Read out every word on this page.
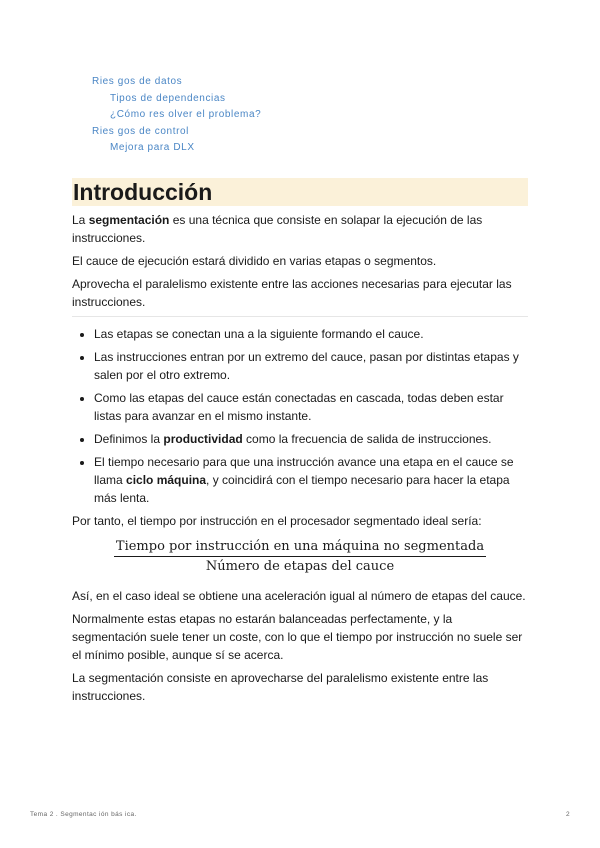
Ries gos de datos
Tipos de dependencias
¿Cómo res olver el problema?
Ries gos de control
Mejora para DLX
Introducción

La segmentación es una técnica que consiste en solapar la ejecución de las instrucciones.

El cauce de ejecución estará dividido en varias etapas o segmentos.

Aprovecha el paralelismo existente entre las acciones necesarias para ejecutar las instrucciones.

• Las etapas se conectan una a la siguiente formando el cauce.
• Las instrucciones entran por un extremo del cauce, pasan por distintas etapas y salen por el otro extremo.
• Como las etapas del cauce están conectadas en cascada, todas deben estar listas para avanzar en el mismo instante.
• Definimos la productividad como la frecuencia de salida de instrucciones.
• El tiempo necesario para que una instrucción avance una etapa en el cauce se llama ciclo máquina, y coincidirá con el tiempo necesario para hacer la etapa más lenta.

Por tanto, el tiempo por instrucción en el procesador segmentado ideal sería:

$\frac{\text{Tiempo por instrucción en una máquina no segmentada}}{\text{Número de etapas del cauce}}$

Así, en el caso ideal se obtiene una aceleración igual al número de etapas del cauce.

Normalmente estas etapas no estarán balanceadas perfectamente, y la segmentación suele tener un coste, con lo que el tiempo por instrucción no suele ser el mínimo posible, aunque sí se acerca.

La segmentación consiste en aprovecharse del paralelismo existente entre las instrucciones.

Tema 2 . Segmentac ión bás ica.	2
